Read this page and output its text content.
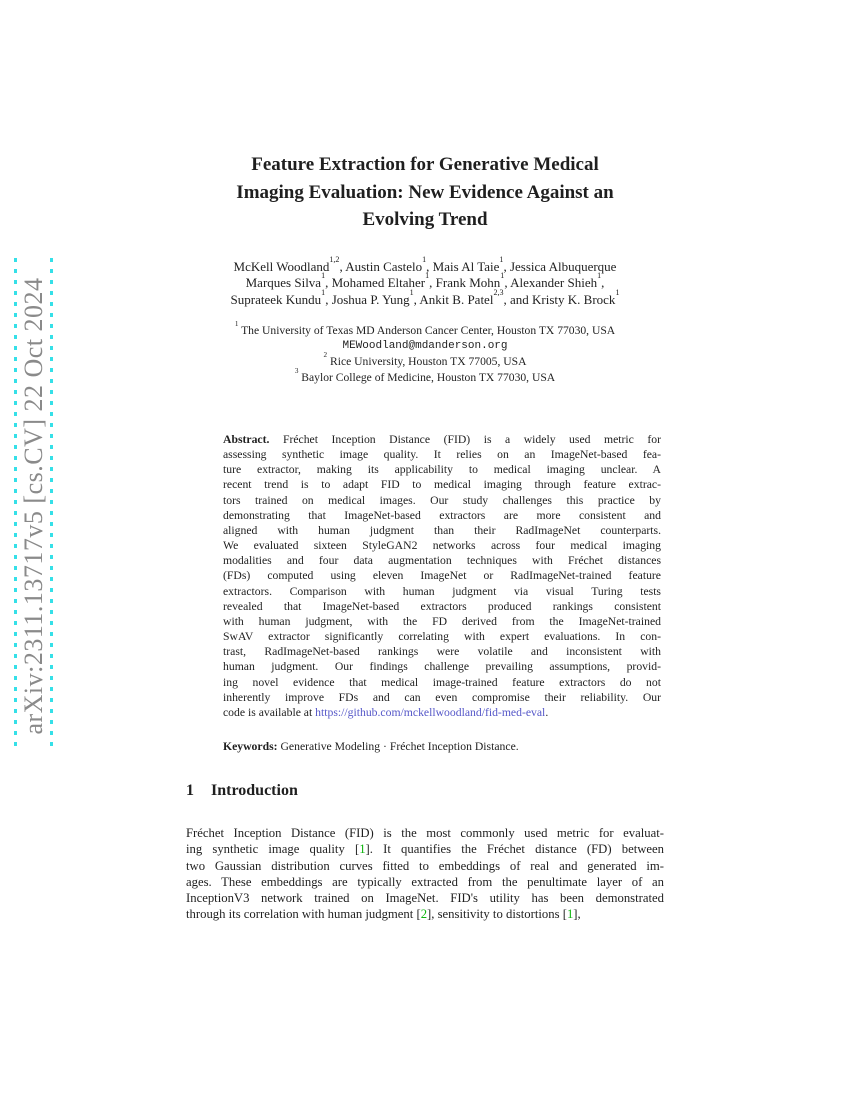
arXiv:2311.13717v5 [cs.CV] 22 Oct 2024
Feature Extraction for Generative Medical
Imaging Evaluation: New Evidence Against an
Evolving Trend
McKell Woodland$^{1,2}$, Austin Castelo$^1$, Mais Al Taie$^1$, Jessica Albuquerque
Marques Silva$^1$, Mohamed Eltaher$^1$, Frank Mohn$^1$, Alexander Shieh$^1$,
Suprateek Kundu$^1$, Joshua P. Yung$^1$, Ankit B. Patel$^{2,3}$, and Kristy K. Brock$^1$
$^1$ The University of Texas MD Anderson Cancer Center, Houston TX 77030, USA
MEWoodland@mdanderson.org
$^2$ Rice University, Houston TX 77005, USA
$^3$ Baylor College of Medicine, Houston TX 77030, USA
Abstract. Fréchet Inception Distance (FID) is a widely used metric for
assessing synthetic image quality. It relies on an ImageNet-based fea-
ture extractor, making its applicability to medical imaging unclear. A
recent trend is to adapt FID to medical imaging through feature extrac-
tors trained on medical images. Our study challenges this practice by
demonstrating that ImageNet-based extractors are more consistent and
aligned with human judgment than their RadImageNet counterparts.
We evaluated sixteen StyleGAN2 networks across four medical imaging
modalities and four data augmentation techniques with Fréchet distances
(FDs) computed using eleven ImageNet or RadImageNet-trained feature
extractors. Comparison with human judgment via visual Turing tests
revealed that ImageNet-based extractors produced rankings consistent
with human judgment, with the FD derived from the ImageNet-trained
SwAV extractor significantly correlating with expert evaluations. In con-
trast, RadImageNet-based rankings were volatile and inconsistent with
human judgment. Our findings challenge prevailing assumptions, provid-
ing novel evidence that medical image-trained feature extractors do not
inherently improve FDs and can even compromise their reliability. Our
code is available at https://github.com/mckellwoodland/fid-med-eval.
Keywords: Generative Modeling · Fréchet Inception Distance.
1 Introduction
Fréchet Inception Distance (FID) is the most commonly used metric for evaluat-
ing synthetic image quality [1]. It quantifies the Fréchet distance (FD) between
two Gaussian distribution curves fitted to embeddings of real and generated im-
ages. These embeddings are typically extracted from the penultimate layer of an
InceptionV3 network trained on ImageNet. FID's utility has been demonstrated
through its correlation with human judgment [2], sensitivity to distortions [1],
